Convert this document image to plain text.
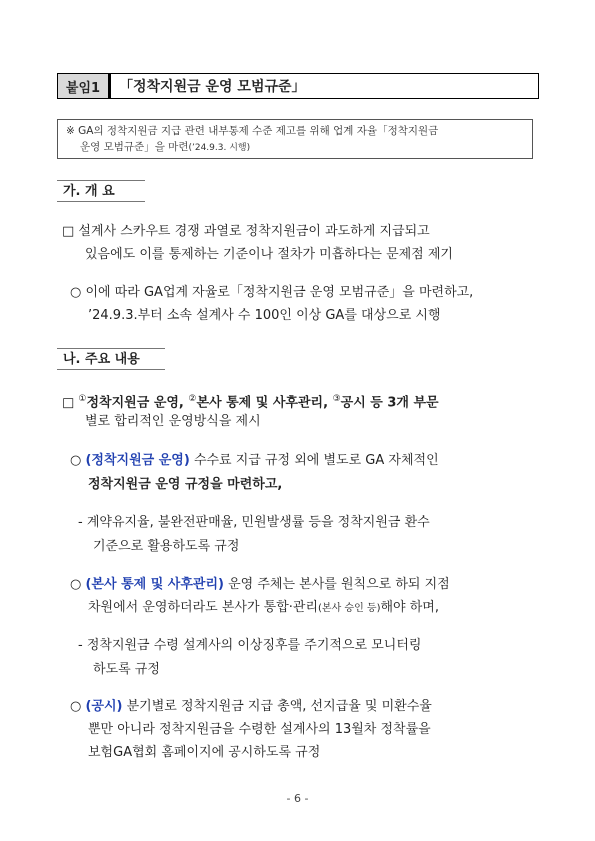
붙임1	「정착지원금 운영 모범규준」
※ GA의 정착지원금 지급 관련 내부통제 수준 제고를 위해 업계 자율「정착지원금
운영 모범규준」을 마련(’24.9.3. 시행)
가. 개 요
□ 설계사 스카우트 경쟁 과열로 정착지원금이 과도하게 지급되고
있음에도 이를 통제하는 기준이나 절차가 미흡하다는 문제점 제기
○ 이에 따라 GA업계 자율로「정착지원금 운영 모범규준」을 마련하고,
’24.9.3.부터 소속 설계사 수 100인 이상 GA를 대상으로 시행
나. 주요 내용
□ ①정착지원금 운영, ②본사 통제 및 사후관리, ③공시 등 3개 부문
별로 합리적인 운영방식을 제시
○ (정착지원금 운영) 수수료 지급 규정 외에 별도로 GA 자체적인
정착지원금 운영 규정을 마련하고,
- 계약유지율, 불완전판매율, 민원발생률 등을 정착지원금 환수
기준으로 활용하도록 규정
○ (본사 통제 및 사후관리) 운영 주체는 본사를 원칙으로 하되 지점
차원에서 운영하더라도 본사가 통합·관리(본사 승인 등)해야 하며,
- 정착지원금 수령 설계사의 이상징후를 주기적으로 모니터링
하도록 규정
○ (공시) 분기별로 정착지원금 지급 총액, 선지급율 및 미환수율
뿐만 아니라 정착지원금을 수령한 설계사의 13월차 정착률을
보험GA협회 홈페이지에 공시하도록 규정
- 6 -
